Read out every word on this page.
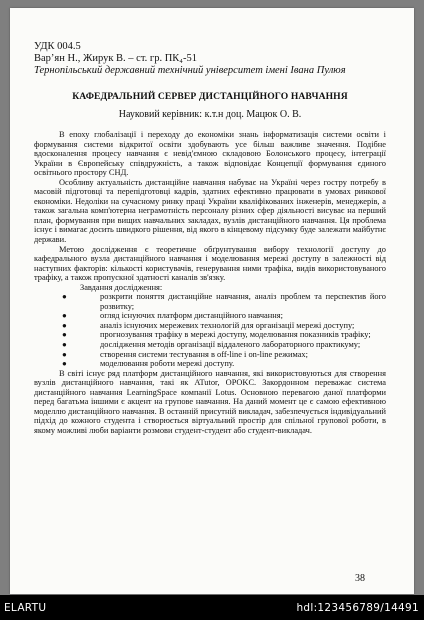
УДК 004.5

Вар’ян Н., Жирук В. – ст. гр. ПК₄-51

Тернопільський державний технічний університет імені Івана Пулюя

КАФЕДРАЛЬНИЙ СЕРВЕР ДИСТАНЦІЙНОГО НАВЧАННЯ

Науковий керівник: к.т.н доц. Мацюк О. В.

В епоху глобалізації і переходу до економіки знань інформатизація системи освіти і формування системи відкритої освіти здобувають усе більш важливе значення. Подібне вдосконалення процесу навчання є невід'ємною складовою Болонського процесу, інтеграції України в Європейську співдружність, а також відповідає Концепції формування єдиного освітнього простору СНД.

Особливу актуальність дистанційне навчання набуває на Україні через гостру потребу в масовій підготовці та перепідготовці кадрів, здатних ефективно працювати в умовах ринкової економіки. Недоліки на сучасному ринку праці України кваліфікованих інженерів, менеджерів, а також загальна комп'ютерна неграмотність персоналу різних сфер діяльності висуває на перший план, формування при вищих навчальних закладах, вузлів дистанційного навчання. Ця проблема існує і вимагає досить швидкого рішення, від якого в кінцевому підсумку буде залежати майбутнє держави.

Метою дослідження є теоретичне обґрунтування вибору технології доступу до кафедрального вузла дистанційного навчання і моделювання мережі доступу в залежності від наступних факторів: кількості користувачів, генерування ними трафіка, видів використовуваного трафіку, а також пропускної здатності каналів зв'язку.

Завдання дослідження:

●	розкрити поняття дистанційне навчання, аналіз проблем та перспектив його розвитку;
●	огляд існуючих платформ дистанційного навчання;
●	аналіз існуючих мережевих технологій для організації мережі доступу;
●	прогнозування трафіку в мережі доступу, моделювання показників трафіку;
●	дослідження методів організації віддаленого лабораторного практикуму;
●	створення системи тестування в off-line і on-line режимах;
●	моделювання роботи мережі доступу.

В світі існує ряд платформ дистанційного навчання, які використовуються для створення вузлів дистанційного навчання, такі як ATutor, OPOKC. Закордонном переважає система дистанційного навчання LearningSpace компанії Lotus. Основною перевагою даної платформи перед багатьма іншими є акцент на групове навчання. На даний момент це є самою ефективною моделлю дистанційного навчання. В останній присутній викладач, забезпечується індивідуальний підхід до кожного студента і створюється віртуальний простір для спільної групової роботи, в якому можливі люби варіанти розмови студент-студент або студент-викладач.

38
ELARTU	hdl:123456789/14491
